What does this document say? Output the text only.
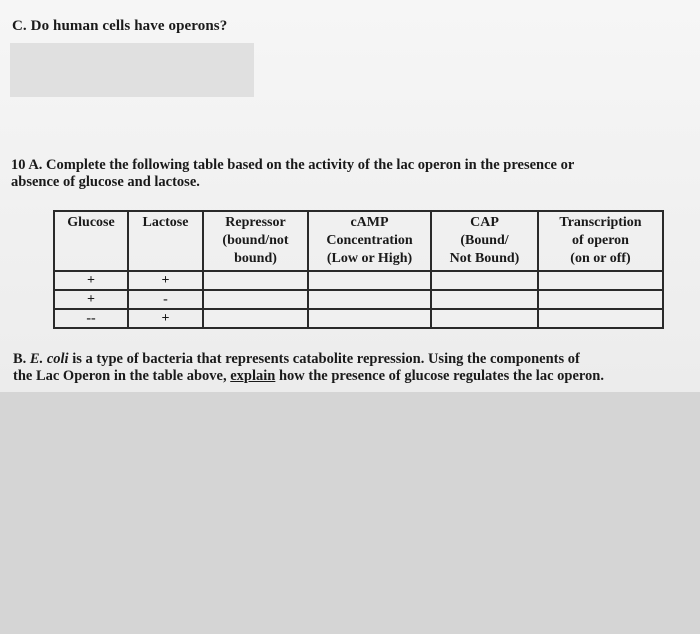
C. Do human cells have operons?

10 A. Complete the following table based on the activity of the lac operon in the presence or

absence of glucose and lactose.

Glucose	Lactose	Repressor
(bound/not
bound)	cAMP
Concentration
(Low or High)	CAP
(Bound/
Not Bound)	Transcription
of operon
(on or off)

+	+				
+	-				
--	+				

B. E. coli is a type of bacteria that represents catabolite repression. Using the components of

the Lac Operon in the table above, explain how the presence of glucose regulates the lac operon.
